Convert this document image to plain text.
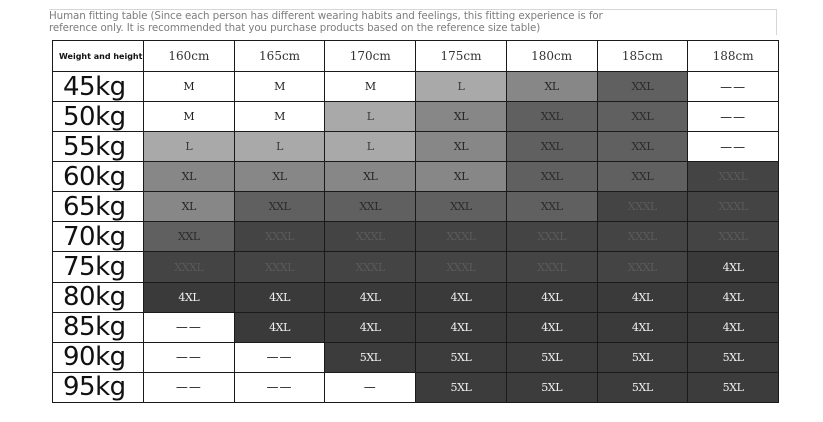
Human fitting table (Since each person has different wearing habits and feelings, this fitting experience is for
reference only. It is recommended that you purchase products based on the reference size table)
Weight and height	160cm	165cm	170cm	175cm	180cm	185cm	188cm
45kg	M	M	M	L	XL	XXL	——
50kg	M	M	L	XL	XXL	XXL	——
55kg	L	L	L	XL	XXL	XXL	——
60kg	XL	XL	XL	XL	XXL	XXL	XXXL
65kg	XL	XXL	XXL	XXL	XXL	XXXL	XXXL
70kg	XXL	XXXL	XXXL	XXXL	XXXL	XXXL	XXXL
75kg	XXXL	XXXL	XXXL	XXXL	XXXL	XXXL	4XL
80kg	4XL	4XL	4XL	4XL	4XL	4XL	4XL
85kg	——	4XL	4XL	4XL	4XL	4XL	4XL
90kg	——	——	5XL	5XL	5XL	5XL	5XL
95kg	——	——	—	5XL	5XL	5XL	5XL
